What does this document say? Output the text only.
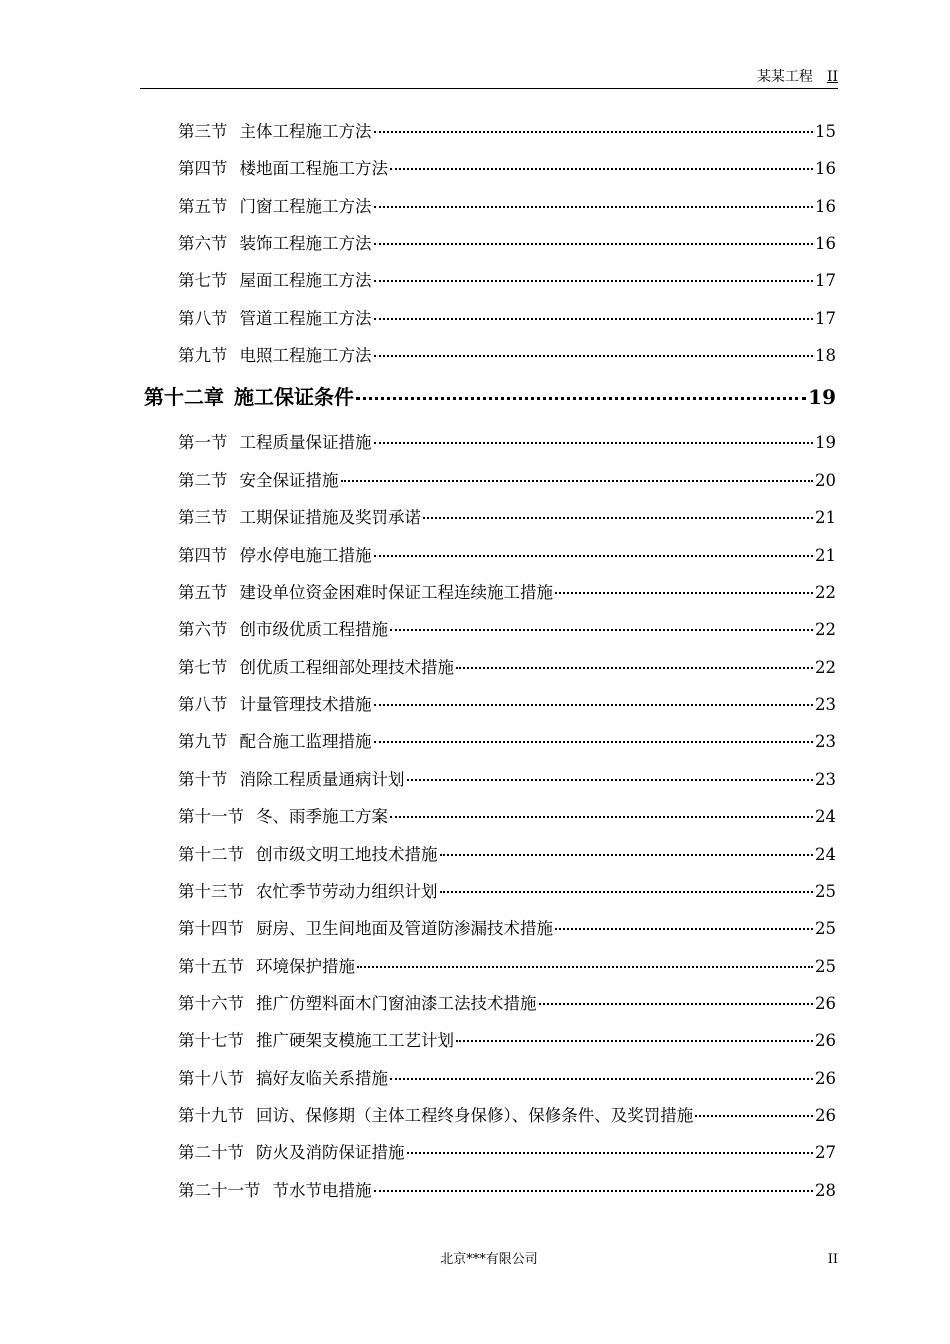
某某工程 II
第三节 主体工程施工方法	15
第四节 楼地面工程施工方法	16
第五节 门窗工程施工方法	16
第六节 装饰工程施工方法	16
第七节 屋面工程施工方法	17
第八节 管道工程施工方法	17
第九节 电照工程施工方法	18
第十二章 施工保证条件	19
第一节 工程质量保证措施	19
第二节 安全保证措施	20
第三节 工期保证措施及奖罚承诺	21
第四节 停水停电施工措施	21
第五节 建设单位资金困难时保证工程连续施工措施	22
第六节 创市级优质工程措施	22
第七节 创优质工程细部处理技术措施	22
第八节 计量管理技术措施	23
第九节 配合施工监理措施	23
第十节 消除工程质量通病计划	23
第十一节 冬、雨季施工方案	24
第十二节 创市级文明工地技术措施	24
第十三节 农忙季节劳动力组织计划	25
第十四节 厨房、卫生间地面及管道防渗漏技术措施	25
第十五节 环境保护措施	25
第十六节 推广仿塑料面木门窗油漆工法技术措施	26
第十七节 推广硬架支模施工工艺计划	26
第十八节 搞好友临关系措施	26
第十九节 回访、保修期（主体工程终身保修）、保修条件、及奖罚措施	26
第二十节 防火及消防保证措施	27
第二十一节 节水节电措施	28
北京***有限公司	II
